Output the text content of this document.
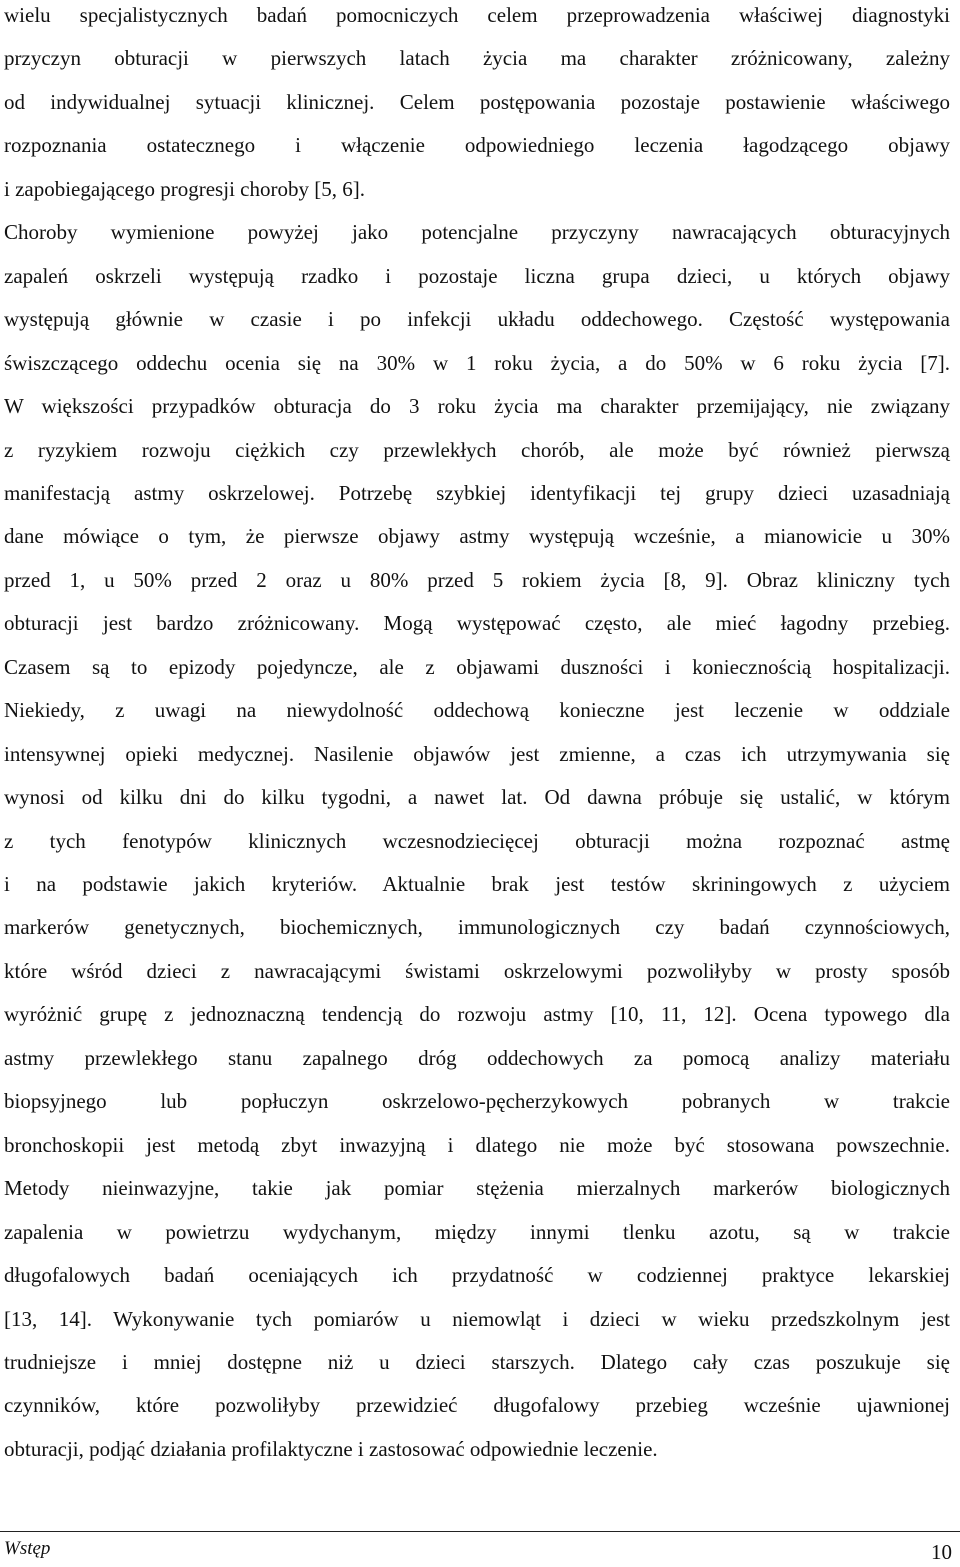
wielu specjalistycznych badań pomocniczych celem przeprowadzenia właściwej diagnostyki
przyczyn obturacji w pierwszych latach życia ma charakter zróżnicowany, zależny
od indywidualnej sytuacji klinicznej. Celem postępowania pozostaje postawienie właściwego
rozpoznania ostatecznego i włączenie odpowiedniego leczenia łagodzącego objawy
i zapobiegającego progresji choroby [5, 6].
Choroby wymienione powyżej jako potencjalne przyczyny nawracających obturacyjnych
zapaleń oskrzeli występują rzadko i pozostaje liczna grupa dzieci, u których objawy
występują głównie w czasie i po infekcji układu oddechowego. Częstość występowania
świszczącego oddechu ocenia się na 30% w 1 roku życia, a do 50% w 6 roku życia [7].
W większości przypadków obturacja do 3 roku życia ma charakter przemijający, nie związany
z ryzykiem rozwoju ciężkich czy przewlekłych chorób, ale może być również pierwszą
manifestacją astmy oskrzelowej. Potrzebę szybkiej identyfikacji tej grupy dzieci uzasadniają
dane mówiące o tym, że pierwsze objawy astmy występują wcześnie, a mianowicie u 30%
przed 1, u 50% przed 2 oraz u 80% przed 5 rokiem życia [8, 9]. Obraz kliniczny tych
obturacji jest bardzo zróżnicowany. Mogą występować często, ale mieć łagodny przebieg.
Czasem są to epizody pojedyncze, ale z objawami duszności i koniecznością hospitalizacji.
Niekiedy, z uwagi na niewydolność oddechową konieczne jest leczenie w oddziale
intensywnej opieki medycznej. Nasilenie objawów jest zmienne, a czas ich utrzymywania się
wynosi od kilku dni do kilku tygodni, a nawet lat. Od dawna próbuje się ustalić, w którym
z tych fenotypów klinicznych wczesnodziecięcej obturacji można rozpoznać astmę
i na podstawie jakich kryteriów. Aktualnie brak jest testów skriningowych z użyciem
markerów genetycznych, biochemicznych, immunologicznych czy badań czynnościowych,
które wśród dzieci z nawracającymi świstami oskrzelowymi pozwoliłyby w prosty sposób
wyróżnić grupę z jednoznaczną tendencją do rozwoju astmy [10, 11, 12]. Ocena typowego dla
astmy przewlekłego stanu zapalnego dróg oddechowych za pomocą analizy materiału
biopsyjnego lub popłuczyn oskrzelowo-pęcherzykowych pobranych w trakcie
bronchoskopii jest metodą zbyt inwazyjną i dlatego nie może być stosowana powszechnie.
Metody nieinwazyjne, takie jak pomiar stężenia mierzalnych markerów biologicznych
zapalenia w powietrzu wydychanym, między innymi tlenku azotu, są w trakcie
długofalowych badań oceniających ich przydatność w codziennej praktyce lekarskiej
[13, 14]. Wykonywanie tych pomiarów u niemowląt i dzieci w wieku przedszkolnym jest
trudniejsze i mniej dostępne niż u dzieci starszych. Dlatego cały czas poszukuje się
czynników, które pozwoliłyby przewidzieć długofalowy przebieg wcześnie ujawnionej
obturacji, podjąć działania profilaktyczne i zastosować odpowiednie leczenie.
Wstęp	10
